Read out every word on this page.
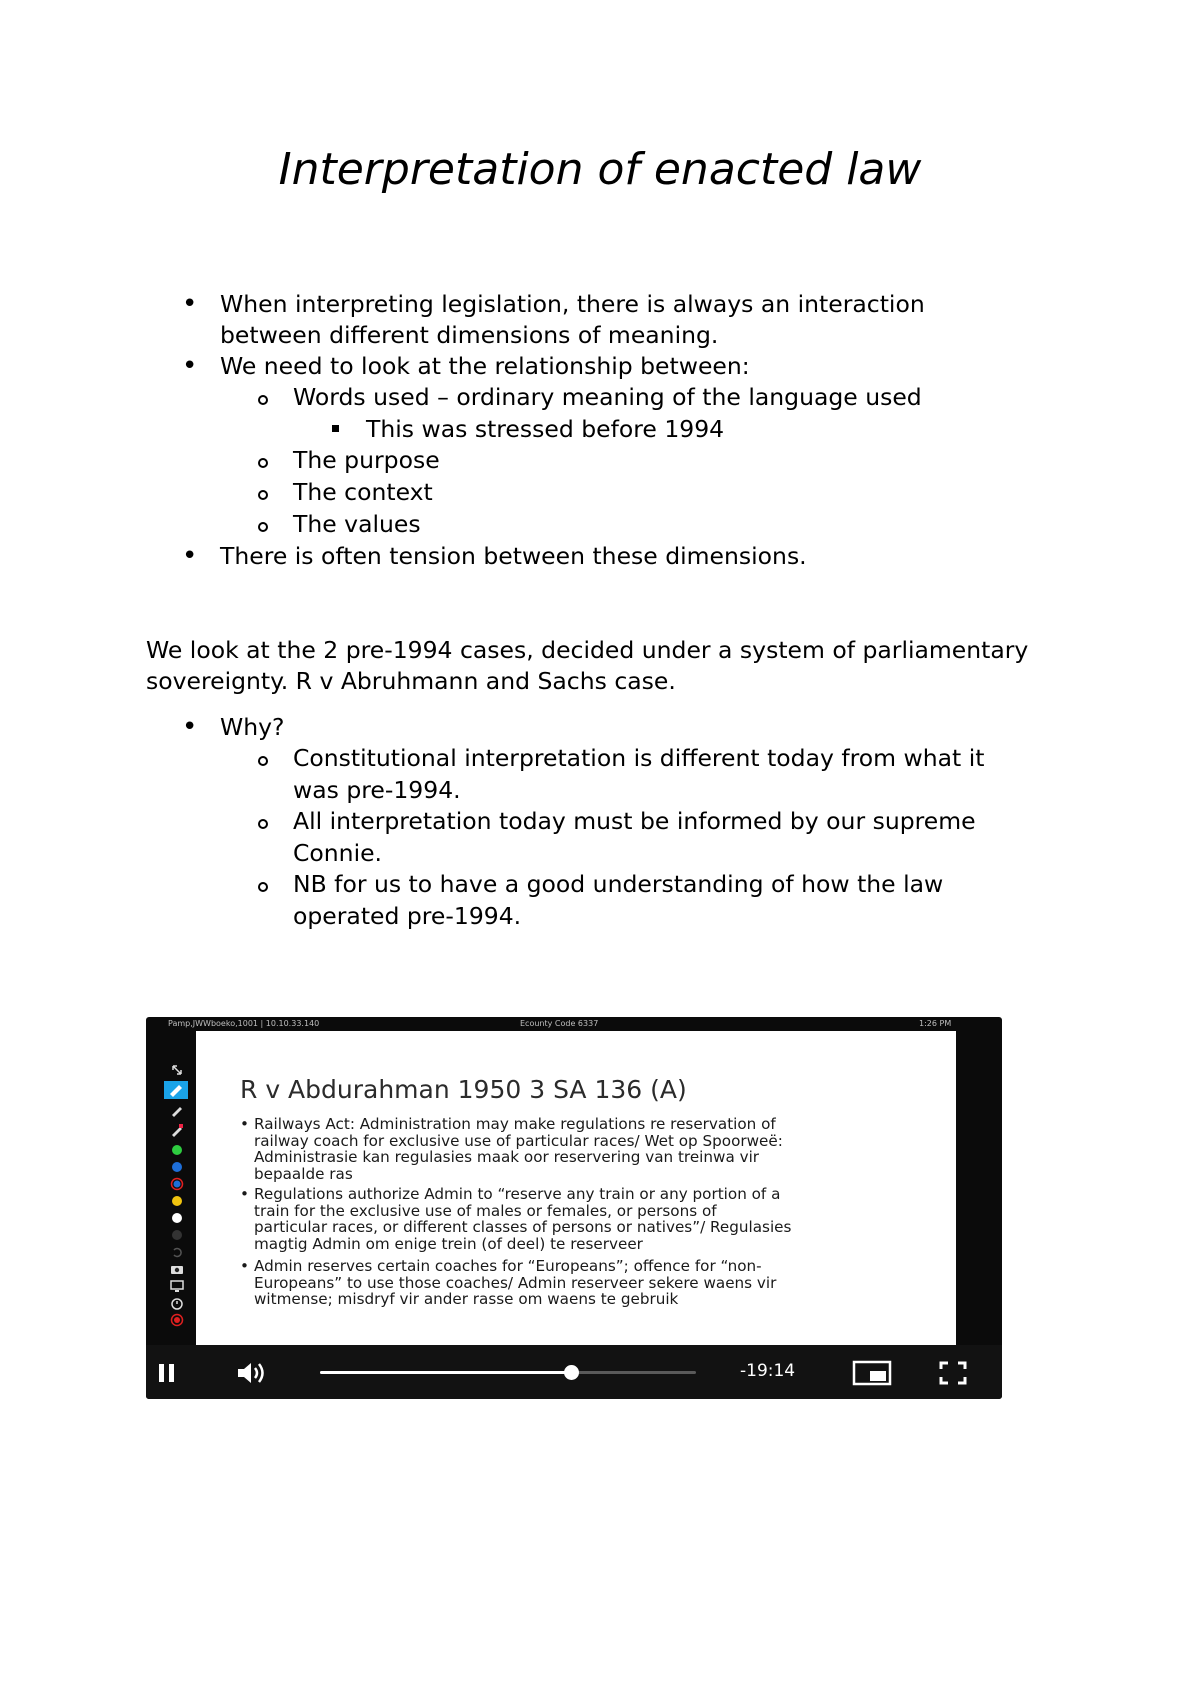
Interpretation of enacted law
• When interpreting legislation, there is always an interaction
between different dimensions of meaning.
• We need to look at the relationship between:
Words used – ordinary meaning of the language used
This was stressed before 1994
The purpose
The context
The values
• There is often tension between these dimensions.
We look at the 2 pre-1994 cases, decided under a system of parliamentary
sovereignty. R v Abruhmann and Sachs case.
• Why?
Constitutional interpretation is different today from what it
was pre-1994.
All interpretation today must be informed by our supreme
Connie.
NB for us to have a good understanding of how the law
operated pre-1994.
Pamp,JWWboeko,1001 | 10.10.33.140	Ecounty Code 6337	1:26 PM
R v Abdurahman 1950 3 SA 136 (A)
• Railways Act: Administration may make regulations re reservation of
railway coach for exclusive use of particular races/ Wet op Spoorweë:
Administrasie kan regulasies maak oor reservering van treinwa vir
bepaalde ras
• Regulations authorize Admin to “reserve any train or any portion of a
train for the exclusive use of males or females, or persons of
particular races, or different classes of persons or natives”/ Regulasies
magtig Admin om enige trein (of deel) te reserveer
• Admin reserves certain coaches for “Europeans”; offence for “non-
Europeans” to use those coaches/ Admin reserveer sekere waens vir
witmense; misdryf vir ander rasse om waens te gebruik
-19:14
